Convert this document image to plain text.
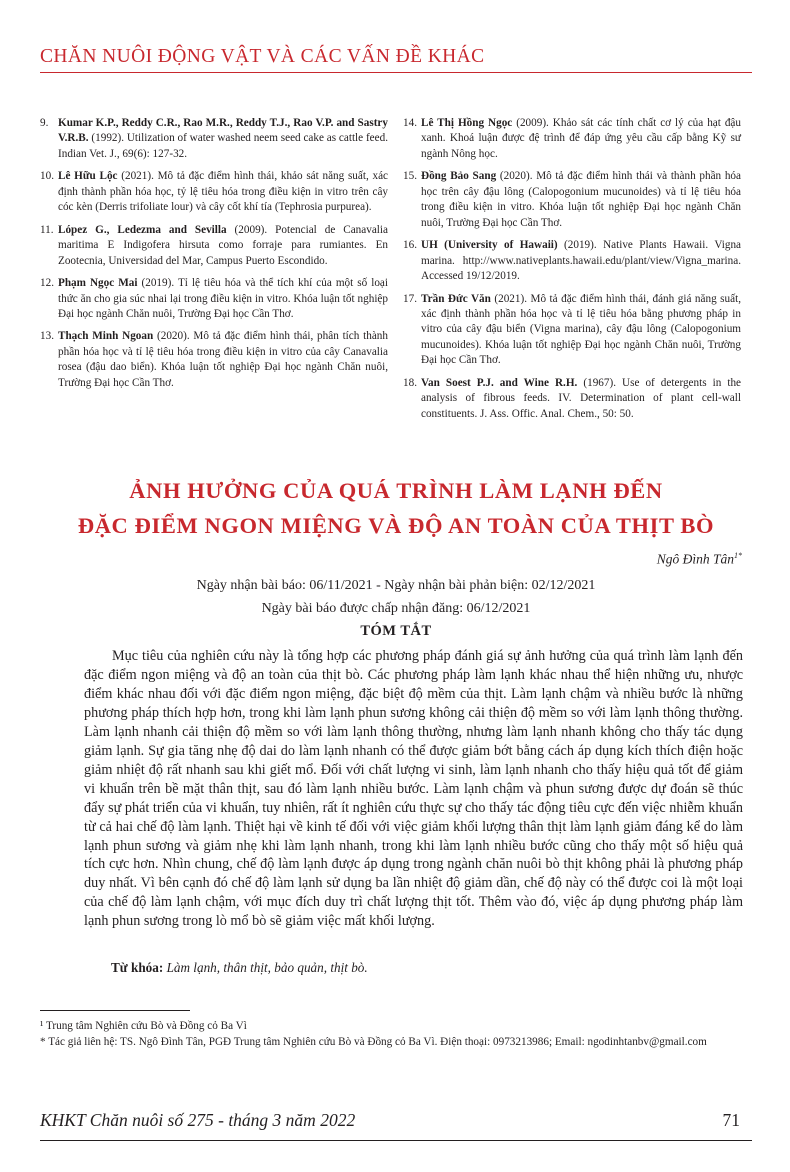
CHĂN NUÔI ĐỘNG VẬT VÀ CÁC VẤN ĐỀ KHÁC
9. Kumar K.P., Reddy C.R., Rao M.R., Reddy T.J., Rao V.P. and Sastry V.R.B. (1992). Utilization of water washed neem seed cake as cattle feed. Indian Vet. J., 69(6): 127-32.
10. Lê Hữu Lộc (2021). Mô tả đặc điểm hình thái, khảo sát năng suất, xác định thành phần hóa học, tỷ lệ tiêu hóa trong điều kiện in vitro trên cây cóc kèn (Derris trifoliate lour) và cây cốt khí tía (Tephrosia purpurea).
11. López G., Ledezma and Sevilla (2009). Potencial de Canavalia maritima E Indigofera hirsuta como forraje para rumiantes. En Zootecnia, Universidad del Mar, Campus Puerto Escondido.
12. Phạm Ngọc Mai (2019). Tỉ lệ tiêu hóa và thể tích khí của một số loại thức ăn cho gia súc nhai lại trong điều kiện in vitro. Khóa luận tốt nghiệp Đại học ngành Chăn nuôi, Trường Đại học Cần Thơ.
13. Thạch Minh Ngoan (2020). Mô tả đặc điểm hình thái, phân tích thành phần hóa học và tỉ lệ tiêu hóa trong điều kiện in vitro của cây Canavalia rosea (đậu dao biển). Khóa luận tốt nghiệp Đại học ngành Chăn nuôi, Trường Đại học Cần Thơ.
14. Lê Thị Hồng Ngọc (2009). Khảo sát các tính chất cơ lý của hạt đậu xanh. Khoá luận được đệ trình để đáp ứng yêu cầu cấp bằng Kỹ sư ngành Nông học.
15. Đồng Bảo Sang (2020). Mô tả đặc điểm hình thái và thành phần hóa học trên cây đậu lông (Calopogonium mucunoides) và tỉ lệ tiêu hóa trong điều kiện in vitro. Khóa luận tốt nghiệp Đại học ngành Chăn nuôi, Trường Đại học Cần Thơ.
16. UH (University of Hawaii) (2019). Native Plants Hawaii. Vigna marina. http://www.nativeplants.hawaii.edu/plant/view/Vigna_marina. Accessed 19/12/2019.
17. Trần Đức Văn (2021). Mô tả đặc điểm hình thái, đánh giá năng suất, xác định thành phần hóa học và tỉ lệ tiêu hóa bằng phương pháp in vitro của cây đậu biển (Vigna marina), cây đậu lông (Calopogonium mucunoides). Khóa luận tốt nghiệp Đại học ngành Chăn nuôi, Trường Đại học Cần Thơ.
18. Van Soest P.J. and Wine R.H. (1967). Use of detergents in the analysis of fibrous feeds. IV. Determination of plant cell-wall constituents. J. Ass. Offic. Anal. Chem., 50: 50.
ẢNH HƯỞNG CỦA QUÁ TRÌNH LÀM LẠNH ĐẾN
ĐẶC ĐIỂM NGON MIỆNG VÀ ĐỘ AN TOÀN CỦA THỊT BÒ
Ngô Đình Tân$^{1*}$
Ngày nhận bài báo: 06/11/2021 - Ngày nhận bài phản biện: 02/12/2021
Ngày bài báo được chấp nhận đăng: 06/12/2021
TÓM TẮT

Mục tiêu của nghiên cứu này là tổng hợp các phương pháp đánh giá sự ảnh hưởng của quá trình làm lạnh đến đặc điểm ngon miệng và độ an toàn của thịt bò. Các phương pháp làm lạnh khác nhau thể hiện những ưu, nhược điểm khác nhau đối với đặc điểm ngon miệng, đặc biệt độ mềm của thịt. Làm lạnh chậm và nhiều bước là những phương pháp thích hợp hơn, trong khi làm lạnh phun sương không cải thiện độ mềm so với làm lạnh thông thường. Làm lạnh nhanh cải thiện độ mềm so với làm lạnh thông thường, nhưng làm lạnh nhanh không cho thấy tác dụng giảm lạnh. Sự gia tăng nhẹ độ dai do làm lạnh nhanh có thể được giảm bớt bằng cách áp dụng kích thích điện hoặc giảm nhiệt độ rất nhanh sau khi giết mổ. Đối với chất lượng vi sinh, làm lạnh nhanh cho thấy hiệu quả tốt để giảm vi khuẩn trên bề mặt thân thịt, sau đó làm lạnh nhiều bước. Làm lạnh chậm và phun sương được dự đoán sẽ thúc đẩy sự phát triển của vi khuẩn, tuy nhiên, rất ít nghiên cứu thực sự cho thấy tác động tiêu cực đến việc nhiễm khuẩn từ cả hai chế độ làm lạnh. Thiệt hại về kinh tế đối với việc giảm khối lượng thân thịt làm lạnh giảm đáng kể do làm lạnh phun sương và giảm nhẹ khi làm lạnh nhanh, trong khi làm lạnh nhiều bước cũng cho thấy một số hiệu quả tích cực hơn. Nhìn chung, chế độ làm lạnh được áp dụng trong ngành chăn nuôi bò thịt không phải là phương pháp duy nhất. Vì bên cạnh đó chế độ làm lạnh sử dụng ba lần nhiệt độ giảm dần, chế độ này có thể được coi là một loại của chế độ làm lạnh chậm, với mục đích duy trì chất lượng thịt tốt. Thêm vào đó, việc áp dụng phương pháp làm lạnh phun sương trong lò mổ bò sẽ giảm việc mất khối lượng.

Từ khóa: Làm lạnh, thân thịt, bảo quản, thịt bò.

¹ Trung tâm Nghiên cứu Bò và Đồng cỏ Ba Vì

* Tác giả liên hệ: TS. Ngô Đình Tân, PGĐ Trung tâm Nghiên cứu Bò và Đồng cỏ Ba Vì. Điện thoại: 0973213986; Email: ngodinhtanbv@gmail.com

KHKT Chăn nuôi số 275 - tháng 3 năm 2022	71
